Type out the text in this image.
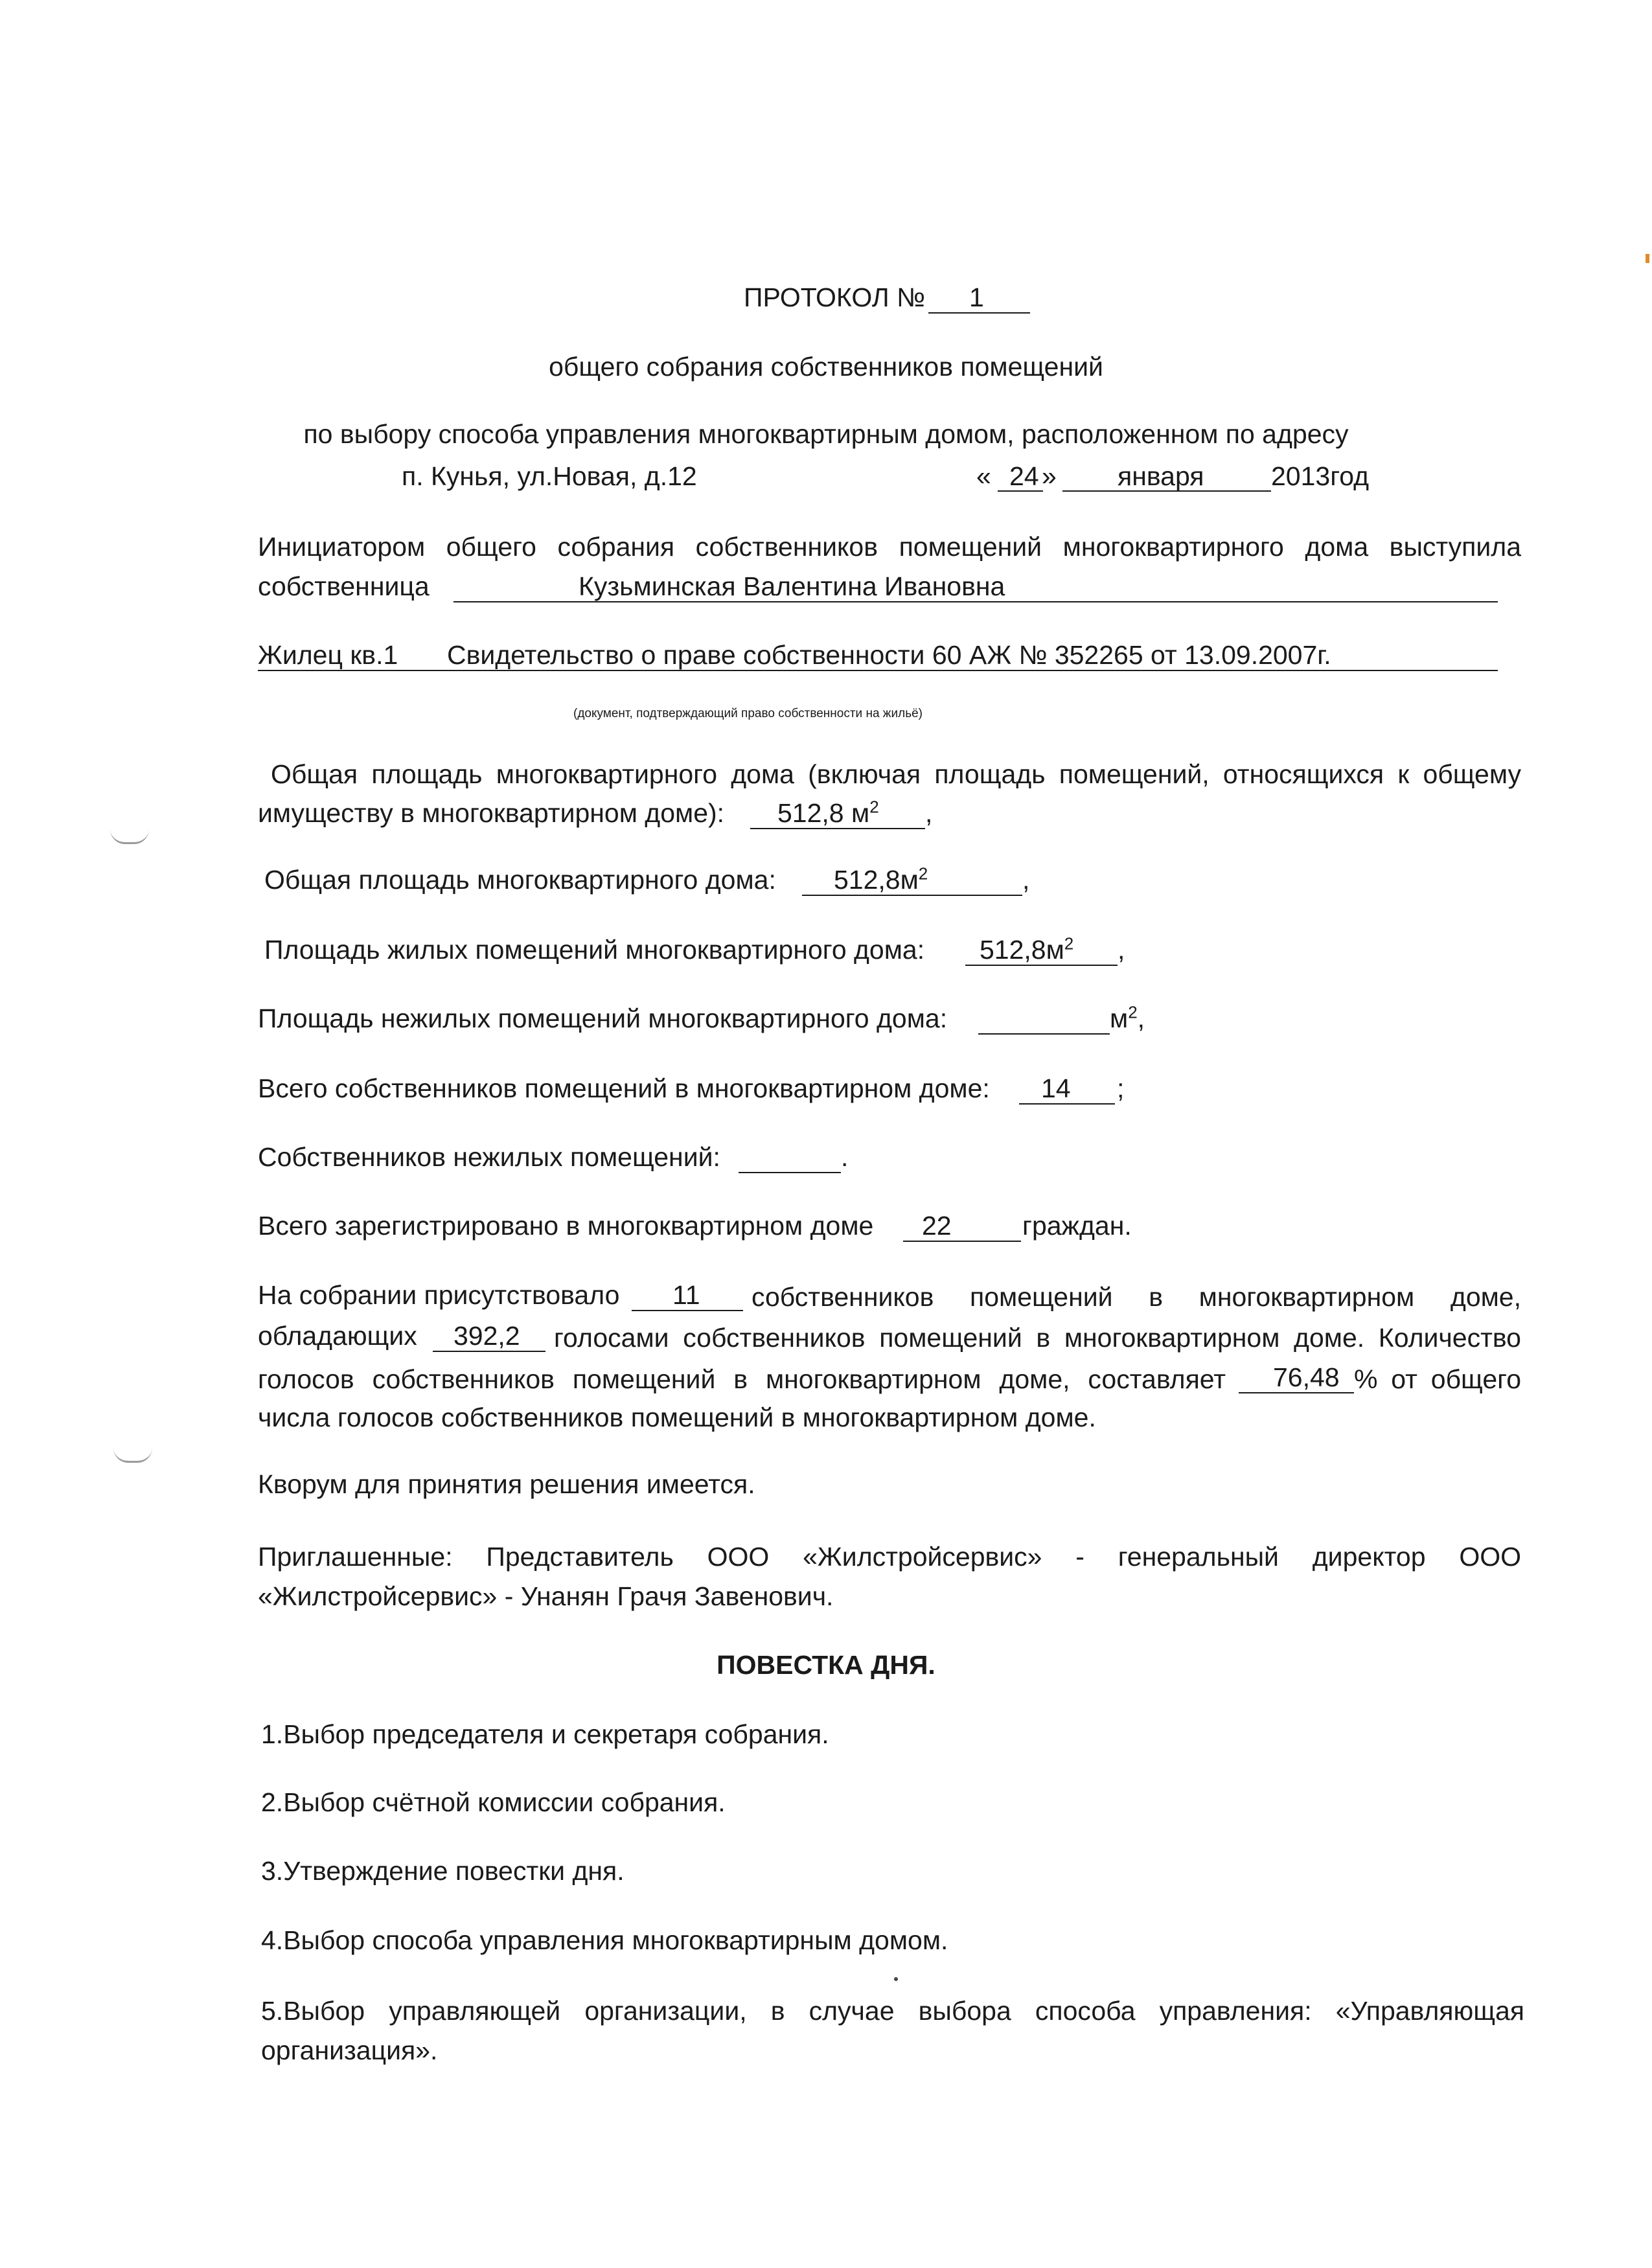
ПРОТОКОЛ № 1

общего собрания собственников помещений

по выбору способа управления многоквартирным домом, расположенном по адресу

п. Кунья, ул.Новая, д.12	« 24 » января	2013год

Инициатором общего собрания собственников помещений многоквартирного дома выступила

собственница	Кузьминская Валентина Ивановна

Жилец кв.1 Свидетельство о праве собственности 60 АЖ № 352265 от 13.09.2007г.

(документ, подтверждающий право собственности на жильё)

Общая площадь многоквартирного дома (включая площадь помещений, относящихся к общему

имуществу в многоквартирном доме): 512,8 $м^2$ ,

Общая площадь многоквартирного дома: $512,8м^2$	,

Площадь жилых помещений многоквартирного дома: $512,8м^2$ ,

Площадь нежилых помещений многоквартирного дома:	$м^2$,

Всего собственников помещений в многоквартирном доме: 14 ;

Собственников нежилых помещений:	.

Всего зарегистрировано в многоквартирном доме 22	граждан.

На собрании присутствовало 11 собственников помещений в многоквартирном доме,

обладающих 392,2 голосами собственников помещений в многоквартирном доме. Количество

голосов собственников помещений в многоквартирном доме, составляет 76,48 % от общего

числа голосов собственников помещений в многоквартирном доме.

Кворум для принятия решения имеется.

Приглашенные: Представитель ООО «Жилстройсервис» - генеральный директор ООО

«Жилстройсервис» - Унанян Грачя Завенович.

ПОВЕСТКА ДНЯ.

1.Выбор председателя и секретаря собрания.

2.Выбор счётной комиссии собрания.

3.Утверждение повестки дня.

4.Выбор способа управления многоквартирным домом.

5.Выбор управляющей организации, в случае выбора способа управления: «Управляющая

организация».
